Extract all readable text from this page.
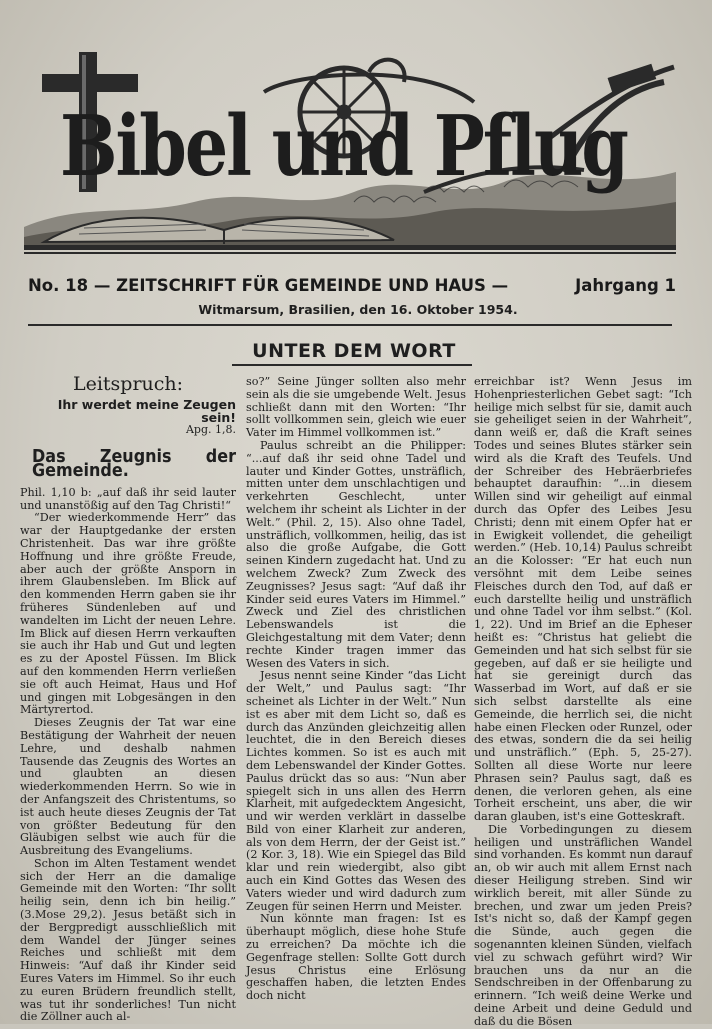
Bibel und Pflug
No. 18 — ZEITSCHRIFT FÜR GEMEINDE UND HAUS —	Jahrgang 1
Witmarsum, Brasilien, den 16. Oktober 1954.
UNTER DEM WORT
Leitspruch:
Ihr werdet meine Zeugen sein!
Apg. 1,8.
Das Zeugnis der Gemeinde.

Phil. 1,10 b: „auf daß ihr seid lauter und unanstößig auf den Tag Christi!“

“Der wiederkommende Herr” das war der Hauptgedanke der ersten Christenheit. Das war ihre größte Hoffnung und ihre größte Freude, aber auch der größte Ansporn in ihrem Glaubensleben. Im Blick auf den kommenden Herrn gaben sie ihr früheres Sündenleben auf und wandelten im Licht der neuen Lehre. Im Blick auf diesen Herrn verkauften sie auch ihr Hab und Gut und legten es zu der Apostel Füssen. Im Blick auf den kommenden Herrn verließen sie oft auch Heimat, Haus und Hof und gingen mit Lobgesängen in den Märtyrertod.

Dieses Zeugnis der Tat war eine Bestätigung der Wahrheit der neuen Lehre, und deshalb nahmen Tausende das Zeugnis des Wortes an und glaubten an diesen wiederkommenden Herrn. So wie in der Anfangszeit des Christentums, so ist auch heute dieses Zeugnis der Tat von größter Bedeutung für den Gläubigen selbst wie auch für die Ausbreitung des Evangeliums.

Schon im Alten Testament wendet sich der Herr an die damalige Gemeinde mit den Worten: “Ihr sollt heilig sein, denn ich bin heilig.” (3.Mose 29,2). Jesus betäßt sich in der Bergpredigt ausschließlich mit dem Wandel der Jünger seines Reiches und schließt mit dem Hinweis: “Auf daß ihr Kinder seid Eures Vaters im Himmel. So ihr euch zu euren Brüdern freundlich stellt, was tut ihr sonderliches! Tun nicht die Zöllner auch al-

so?” Seine Jünger sollten also mehr sein als die sie umgebende Welt. Jesus schließt dann mit den Worten: “Ihr sollt vollkommen sein, gleich wie euer Vater im Himmel vollkommen ist.”

Paulus schreibt an die Philipper: “...auf daß ihr seid ohne Tadel und lauter und Kinder Gottes, unsträflich, mitten unter dem unschlachtigen und verkehrten Geschlecht, unter welchem ihr scheint als Lichter in der Welt.” (Phil. 2, 15). Also ohne Tadel, unsträflich, vollkommen, heilig, das ist also die große Aufgabe, die Gott seinen Kindern zugedacht hat. Und zu welchem Zweck? Zum Zweck des Zeugnisses? Jesus sagt: “Auf daß ihr Kinder seid eures Vaters im Himmel.” Zweck und Ziel des christlichen Lebenswandels ist die Gleichgestaltung mit dem Vater; denn rechte Kinder tragen immer das Wesen des Vaters in sich.

Jesus nennt seine Kinder “das Licht der Welt,” und Paulus sagt: “Ihr scheinet als Lichter in der Welt.” Nun ist es aber mit dem Licht so, daß es durch das Anzünden gleichzeitig allen leuchtet, die in den Bereich dieses Lichtes kommen. So ist es auch mit dem Lebenswandel der Kinder Gottes. Paulus drückt das so aus: “Nun aber spiegelt sich in uns allen des Herrn Klarheit, mit aufgedecktem Angesicht, und wir werden verklärt in dasselbe Bild von einer Klarheit zur anderen, als von dem Herrn, der der Geist ist.” (2 Kor. 3, 18). Wie ein Spiegel das Bild klar und rein wiedergibt, also gibt auch ein Kind Gottes das Wesen des Vaters wieder und wird dadurch zum Zeugen für seinen Herrn und Meister.

Nun könnte man fragen: Ist es überhaupt möglich, diese hohe Stufe zu erreichen? Da möchte ich die Gegenfrage stellen: Sollte Gott durch Jesus Christus eine Erlösung geschaffen haben, die letzten Endes doch nicht

erreichbar ist? Wenn Jesus im Hohenpriesterlichen Gebet sagt: “Ich heilige mich selbst für sie, damit auch sie geheiliget seien in der Wahrheit”, dann weiß er, daß die Kraft seines Todes und seines Blutes stärker sein wird als die Kraft des Teufels. Und der Schreiber des Hebräerbriefes behauptet daraufhin: “...in diesem Willen sind wir geheiligt auf einmal durch das Opfer des Leibes Jesu Christi; denn mit einem Opfer hat er in Ewigkeit vollendet, die geheiligt werden.” (Heb. 10,14) Paulus schreibt an die Kolosser: “Er hat euch nun versöhnt mit dem Leibe seines Fleisches durch den Tod, auf daß er euch darstellte heilig und unsträflich und ohne Tadel vor ihm selbst.” (Kol. 1, 22). Und im Brief an die Epheser heißt es: “Christus hat geliebt die Gemeinden und hat sich selbst für sie gegeben, auf daß er sie heiligte und hat sie gereinigt durch das Wasserbad im Wort, auf daß er sie sich selbst darstellte als eine Gemeinde, die herrlich sei, die nicht habe einen Flecken oder Runzel, oder des etwas, sondern die da sei heilig und unsträflich.” (Eph. 5, 25-27). Sollten all diese Worte nur leere Phrasen sein? Paulus sagt, daß es denen, die verloren gehen, als eine Torheit erscheint, uns aber, die wir daran glauben, ist's eine Gotteskraft.

Die Vorbedingungen zu diesem heiligen und unsträflichen Wandel sind vorhanden. Es kommt nun darauf an, ob wir auch mit allem Ernst nach dieser Heiligung streben. Sind wir wirklich bereit, mit aller Sünde zu brechen, und zwar um jeden Preis? Ist's nicht so, daß der Kampf gegen die Sünde, auch gegen die sogenannten kleinen Sünden, vielfach viel zu schwach geführt wird? Wir brauchen uns da nur an die Sendschreiben in der Offenbarung zu erinnern. “Ich weiß deine Werke und deine Arbeit und deine Geduld und daß du die Bösen
